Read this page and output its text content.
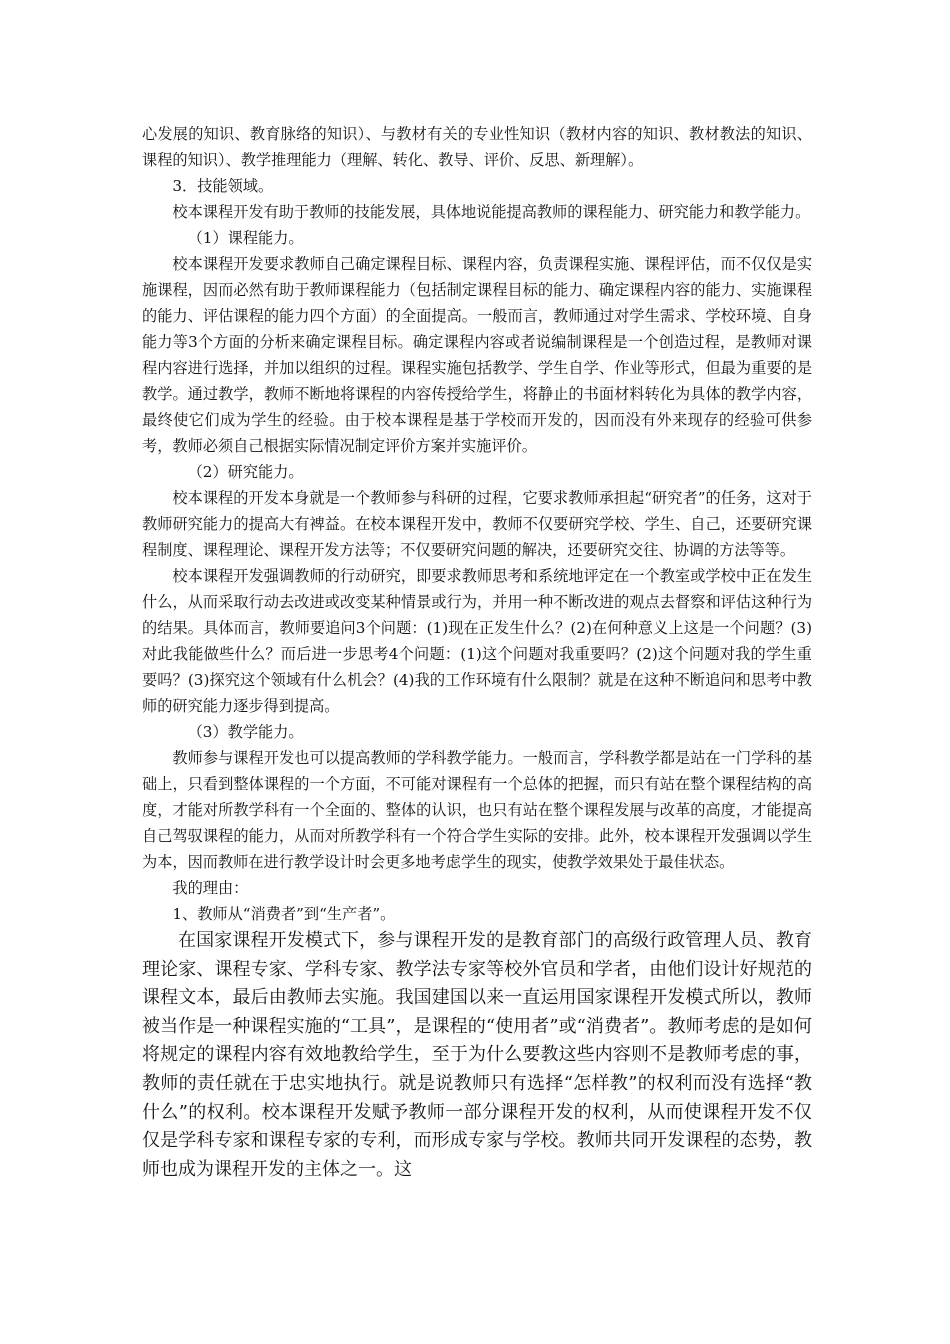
心发展的知识、教育脉络的知识）、与教材有关的专业性知识（教材内容的知识、教材教法的知识、课程的知识）、教学推理能力（理解、转化、教导、评价、反思、新理解）。

3．技能领域。

校本课程开发有助于教师的技能发展，具体地说能提高教师的课程能力、研究能力和教学能力。

（1）课程能力。

校本课程开发要求教师自己确定课程目标、课程内容，负责课程实施、课程评估，而不仅仅是实施课程，因而必然有助于教师课程能力（包括制定课程目标的能力、确定课程内容的能力、实施课程的能力、评估课程的能力四个方面）的全面提高。一般而言，教师通过对学生需求、学校环境、自身能力等3个方面的分析来确定课程目标。确定课程内容或者说编制课程是一个创造过程，是教师对课程内容进行选择，并加以组织的过程。课程实施包括教学、学生自学、作业等形式，但最为重要的是教学。通过教学，教师不断地将课程的内容传授给学生，将静止的书面材料转化为具体的教学内容，最终使它们成为学生的经验。由于校本课程是基于学校而开发的，因而没有外来现存的经验可供参考，教师必须自己根据实际情况制定评价方案并实施评价。

（2）研究能力。

校本课程的开发本身就是一个教师参与科研的过程，它要求教师承担起“研究者”的任务，这对于教师研究能力的提高大有裨益。在校本课程开发中，教师不仅要研究学校、学生、自己，还要研究课程制度、课程理论、课程开发方法等；不仅要研究问题的解决，还要研究交往、协调的方法等等。

校本课程开发强调教师的行动研究，即要求教师思考和系统地评定在一个教室或学校中正在发生什么，从而采取行动去改进或改变某种情景或行为，并用一种不断改进的观点去督察和评估这种行为的结果。具体而言，教师要追问3个问题：(1)现在正发生什么？(2)在何种意义上这是一个问题？(3)对此我能做些什么？而后进一步思考4个问题：(1)这个问题对我重要吗？(2)这个问题对我的学生重要吗？(3)探究这个领域有什么机会？(4)我的工作环境有什么限制？就是在这种不断追问和思考中教师的研究能力逐步得到提高。

（3）教学能力。

教师参与课程开发也可以提高教师的学科教学能力。一般而言，学科教学都是站在一门学科的基础上，只看到整体课程的一个方面，不可能对课程有一个总体的把握，而只有站在整个课程结构的高度，才能对所教学科有一个全面的、整体的认识，也只有站在整个课程发展与改革的高度，才能提高自己驾驭课程的能力，从而对所教学科有一个符合学生实际的安排。此外，校本课程开发强调以学生为本，因而教师在进行教学设计时会更多地考虑学生的现实，使教学效果处于最佳状态。

我的理由：

1、教师从“消费者”到“生产者”。

在国家课程开发模式下，参与课程开发的是教育部门的高级行政管理人员、教育理论家、课程专家、学科专家、教学法专家等校外官员和学者，由他们设计好规范的课程文本，最后由教师去实施。我国建国以来一直运用国家课程开发模式所以，教师被当作是一种课程实施的“工具”，是课程的“使用者”或“消费者”。教师考虑的是如何将规定的课程内容有效地教给学生，至于为什么要教这些内容则不是教师考虑的事，教师的责任就在于忠实地执行。就是说教师只有选择“怎样教”的权利而没有选择“教什么”的权利。校本课程开发赋予教师一部分课程开发的权利，从而使课程开发不仅仅是学科专家和课程专家的专利，而形成专家与学校。教师共同开发课程的态势，教师也成为课程开发的主体之一。这
